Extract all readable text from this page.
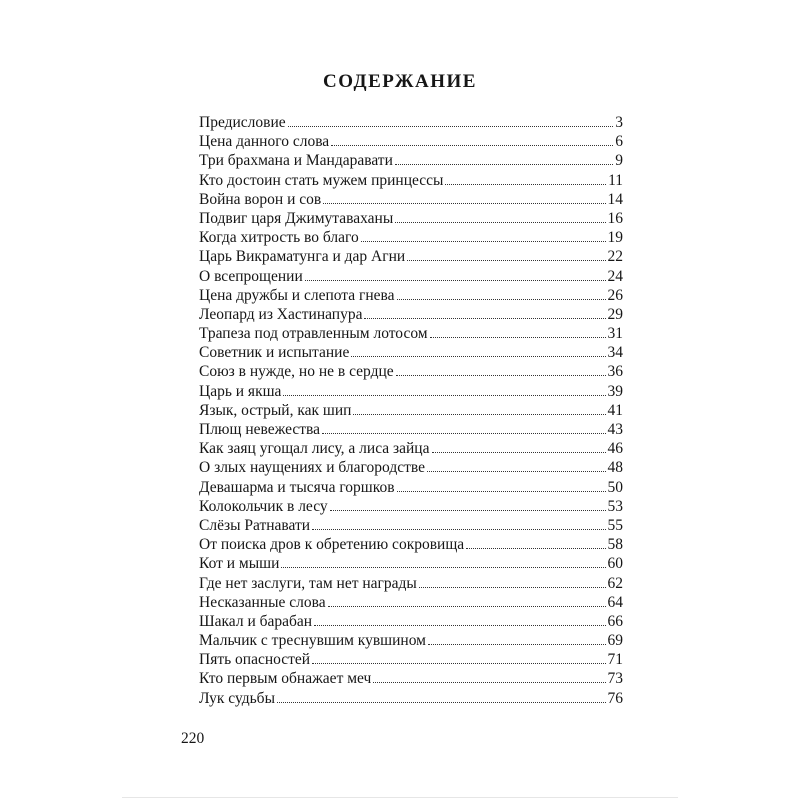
СОДЕРЖАНИЕ
Предисловие	3
Цена данного слова	6
Три брахмана и Мандаравати	9
Кто достоин стать мужем принцессы	11
Война ворон и сов	14
Подвиг царя Джимутаваханы	16
Когда хитрость во благо	19
Царь Викраматунга и дар Агни	22
О всепрощении	24
Цена дружбы и слепота гнева	26
Леопард из Хастинапура	29
Трапеза под отравленным лотосом	31
Советник и испытание	34
Союз в нужде, но не в сердце	36
Царь и якша	39
Язык, острый, как шип	41
Плющ невежества	43
Как заяц угощал лису, а лиса зайца	46
О злых наущениях и благородстве	48
Девашарма и тысяча горшков	50
Колокольчик в лесу	53
Слёзы Ратнавати	55
От поиска дров к обретению сокровища	58
Кот и мыши	60
Где нет заслуги, там нет награды	62
Несказанные слова	64
Шакал и барабан	66
Мальчик с треснувшим кувшином	69
Пять опасностей	71
Кто первым обнажает меч	73
Лук судьбы	76

220
